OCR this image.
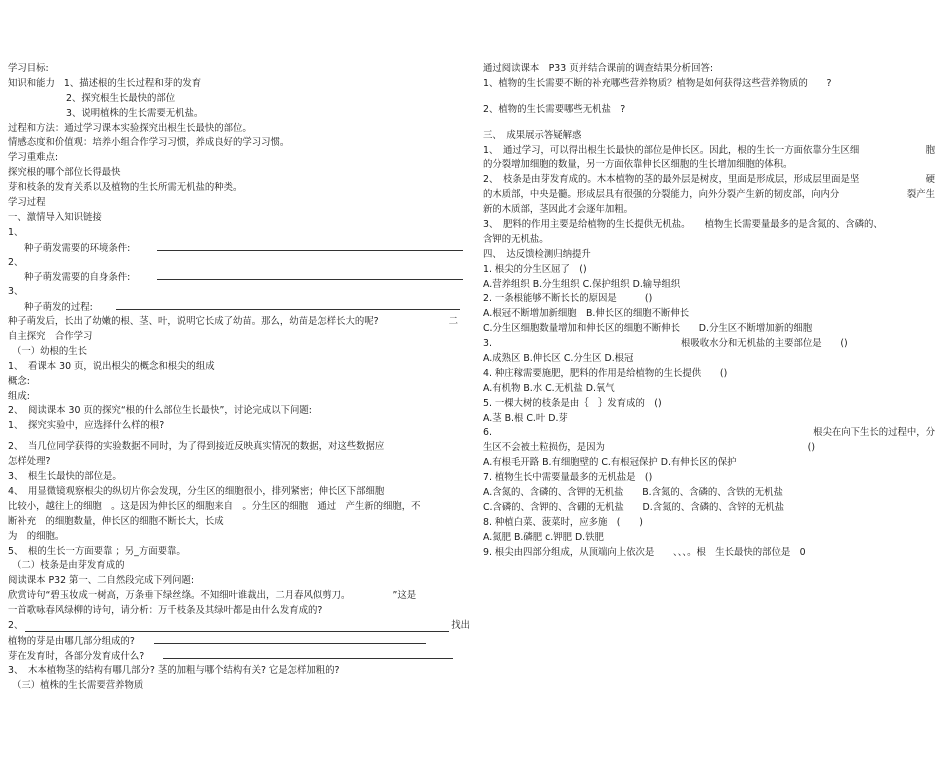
学习目标:
知识和能力 1、描述根的生长过程和芽的发育
2、探究根生长最快的部位
3、说明植株的生长需要无机盐。
过程和方法：通过学习课本实验探究出根生长最快的部位。
情感态度和价值观：培养小组合作学习习惯，养成良好的学习习惯。
学习重难点:
探究根的哪个部位长得最快
芽和枝条的发育关系以及植物的生长所需无机盐的种类。
学习过程
一、激情导入知识链接
1、
种子萌发需要的环境条件:
2、
种子萌发需要的自身条件:
3、
种子萌发的过程:
种子萌发后，长出了幼嫩的根、茎、叶，说明它长成了幼苗。那么，幼苗是怎样长大的呢?	二
自主探究　合作学习
（一）幼根的生长
1、　看课本 30 页，说出根尖的概念和根尖的组成
概念:
组成:
2、　阅读课本 30 页的探究“根的什么部位生长最快”，讨论完成以下问题:
1、　探究实验中，应选择什么样的根?
2、　当几位同学获得的实验数据不同时，为了得到接近反映真实情况的数据，对这些数据应
怎样处理?
3、　根生长最快的部位是。
4、　用显微镜观察根尖的纵切片你会发现，分生区的细胞很小，排列紧密；伸长区下部细胞
比较小，越往上的细胞　。这是因为伸长区的细胞来自　。分生区的细胞　通过　产生新的细胞，不
断补充　的细胞数量，伸长区的细胞不断长大，长成
为　的细胞。
5、　根的生长一方面要靠 ；另_方面要靠。
（二）枝条是由芽发育成的
阅读课本 P32 第一、二自然段完成下列问题:
欣赏诗句“碧玉妆成一树高，万条垂下绿丝绦。不知细叶谁裁出，二月春风似剪刀。　　　　　”这是
一首歌咏春风绿柳的诗句，请分析：万千枝条及其绿叶都是由什么发育成的?
2、	找出
植物的芽是由哪几部分组成的?
芽在发育时，各部分发育成什么?
3、　木本植物茎的结构有哪几部分? 茎的加粗与哪个结构有关? 它是怎样加粗的?
（三）植株的生长需要营养物质
通过阅读课本　P33 页并结合课前的调查结果分析回答:
1、植物的生长需要不断的补充哪些营养物质？植物是如何获得这些营养物质的　　?
2、植物的生长需要哪些无机盐　?
三、　成果展示答疑解惑
1、　通过学习，可以得出根生长最快的部位是伸长区。因此，根的生长一方面依靠分生区细	胞
的分裂增加细胞的数量，另一方面依靠伸长区细胞的生长增加细胞的体积。
2、　枝条是由芽发育成的。木本植物的茎的最外层是树皮，里面是形成层，形成层里面是坚	硬
的木质部，中央是髓。形成层具有很强的分裂能力，向外分裂产生新的韧皮部，向内分	裂产生
新的木质部，茎因此才会逐年加粗。
3、　肥料的作用主要是给植物的生长提供无机盐。　　植物生长需要量最多的是含氮的、含磷的、
含钾的无机盐。
四、　达反馈检测归纳提升
1. 根尖的分生区屈了　()
A.营养组织 B.分生组织 C.保护组织 D.输导组织
2. 一条根能够不断长长的原因是　　　()
A.根冠不断增加新细胞　B.伸长区的细胞不断伸长
C.分生区细胞数量增加和伸长区的细胞不断伸长　　D.分生区不断增加新的细胞
3.	根吸收水分和无机盐的主要部位是　　()
A.成熟区 B.伸长区 C.分生区 D.根冠
4. 种庄稼需要施肥，肥料的作用是给植物的生长提供　　()
A.有机物 B.水 C.无机盐 D.氧气
5. 一棵大树的枝条是由｛　｝发育成的　()
A.茎 B.根 C.叶 D.芽
6.	根尖在向下生长的过程中，分
生区不会被土粒损伤，是因为	()
A.有根毛开路 B.有细胞壁的 C.有根冠保护 D.有伸长区的保护
7. 植物生长中需要量最多的无机盐是　()
A.含氮的、含磷的、含钾的无机盐　　B.含氮的、含磷的、含铁的无机盐
C.含磷的、含钾的、含硼的无机盐　　D.含氮的、含磷的、含锌的无机盐
8. 种植白菜、菠菜时，应多施　(　　)
A.氮肥 B.磷肥 c.钾肥 D.铁肥
9. 根尖由四部分组成，从顶端向上依次是　　、、、。根　生长最快的部位是　0
